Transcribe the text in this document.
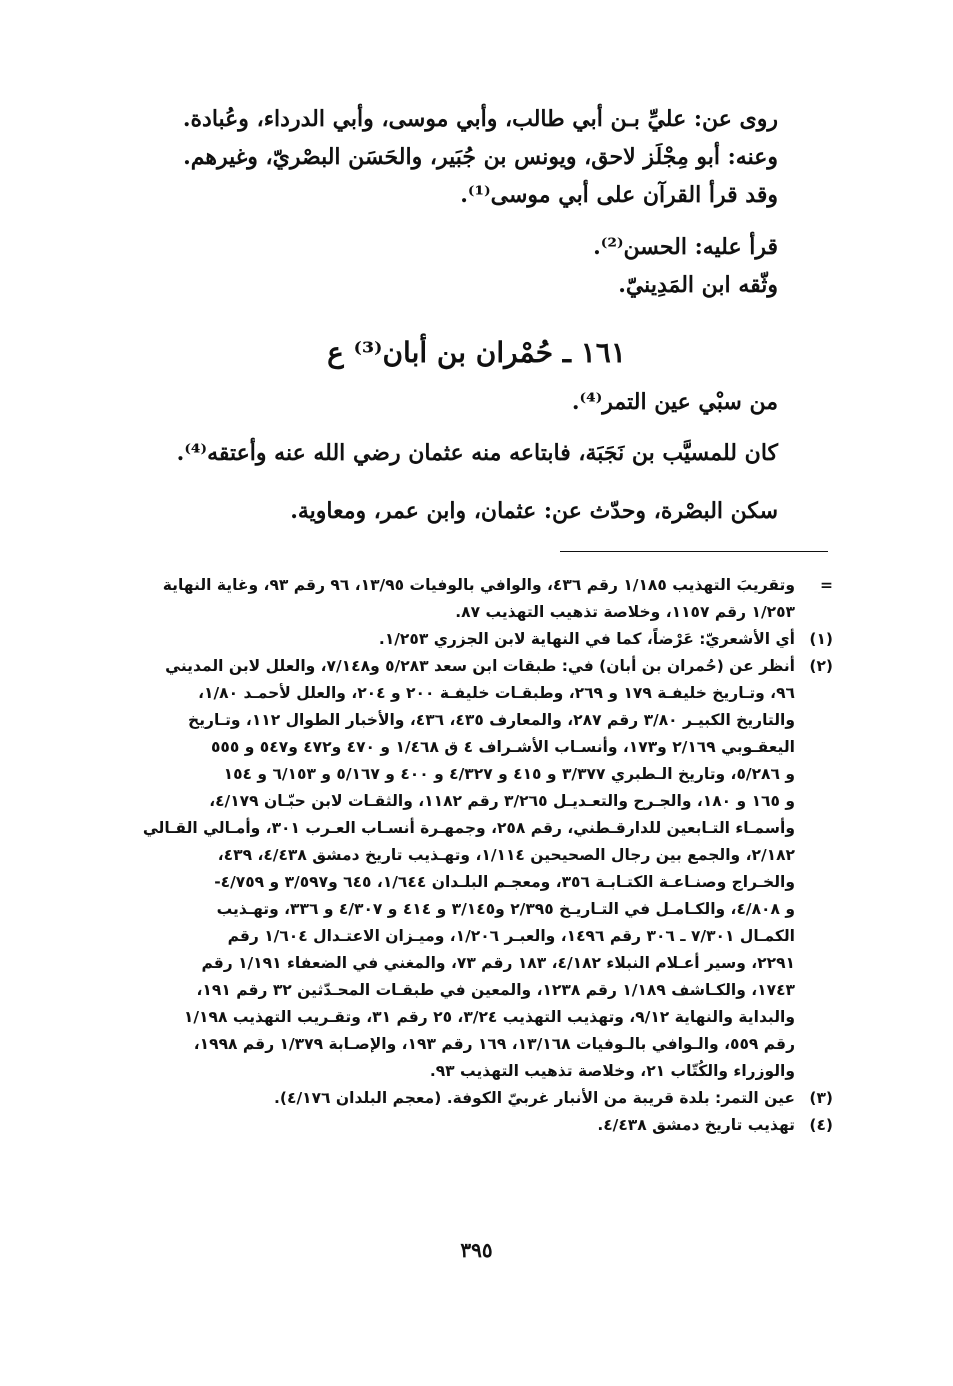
روى عن: عليِّ بـن أبي طالب، وأبي موسى، وأبي الدرداء، وعُبادة.
وعنه: أبو مِجْلَز لاحق، ويونس بن جُبَير، والحَسَن البصْريّ، وغيرهم.
وقد قرأ القرآن على أبي موسى⁽¹⁾.
قرأ عليه: الحسن⁽²⁾.
وثّقه ابن المَدِينيّ.
١٦١ ـ حُمْران بن أبان⁽³⁾ ع
من سبْي عين التمر⁽⁴⁾.
كان للمسيَّب بن نَجَبَة، فابتاعه منه عثمان رضي الله عنه وأعتقه⁽⁴⁾.
سكن البصْرة، وحدّث عن: عثمان، وابن عمر، ومعاوية.
=
وتقريبَ التهذيب ١/١٨٥ رقم ٤٣٦، والوافي بالوفيات ١٣/٩٥، ٩٦ رقم ٩٣، وغاية النهاية
١/٢٥٣ رقم ١١٥٧، وخلاصة تذهيب التهذيب ٨٧.
(١)
أي الأشعريّ: عَرْضاً، كما في النهاية لابن الجزري ١/٢٥٣.
(٢)
أنظر عن (حُمران بن أبان) في: طبقات ابن سعد ٥/٢٨٣ و٧/١٤٨، والعلل لابن المديني
٩٦، وتـاريخ خليفـة ١٧٩ و ٢٦٩، وطبقـات خليفـة ٢٠٠ و ٢٠٤، والعلل لأحمـد ١/٨٠،
والتاريخ الكبيـر ٣/٨٠ رقم ٢٨٧، والمعارف ٤٣٥، ٤٣٦، والأخبار الطوال ١١٢، وتـاريخ
اليعقـوبي ٢/١٦٩ و١٧٣، وأنسـاب الأشـراف ٤ ق ١/٤٦٨ و ٤٧٠ و٤٧٢ و٥٤٧ و ٥٥٥
و ٥/٢٨٦، وتاريخ الـطبري ٣/٣٧٧ و ٤١٥ و ٤/٣٢٧ و ٤٠٠ و ٥/١٦٧ و ٦/١٥٣ و ١٥٤
و ١٦٥ و ١٨٠، والجـرح والتعـديـل ٣/٢٦٥ رقم ١١٨٢، والثقـات لابن حبّـان ٤/١٧٩،
وأسمـاء التـابعين للدارقـطني، رقم ٢٥٨، وجمهـرة أنسـاب العـرب ٣٠١، وأمـالي القـالي
٢/١٨٢، والجمع بين رجال الصحيحين ١/١١٤، وتهـذيب تاريخ دمشق ٤/٤٣٨، ٤٣٩،
والخـراج وصنـاعـة الكتـابـة ٣٥٦، ومعجـم البلـدان ١/٦٤٤، ٦٤٥ و٣/٥٩٧ و ٤/٧٥٩-
و ٤/٨٠٨، والكـامـل في التـاريـخ ٢/٣٩٥ و٣/١٤٥ و ٤١٤ و ٤/٣٠٧ و ٣٣٦، وتهـذيب
الكمـال ٧/٣٠١ ـ ٣٠٦ رقم ١٤٩٦، والعبـر ١/٢٠٦، وميـزان الاعتـدال ١/٦٠٤ رقم
٢٢٩١، وسير أعـلام النبلاء ٤/١٨٢، ١٨٣ رقم ٧٣، والمغني في الضعفاء ١/١٩١ رقم
١٧٤٣، والكـاشف ١/١٨٩ رقم ١٢٣٨، والمعين في طبقـات المحـدّثين ٣٢ رقم ١٩١،
والبداية والنهاية ٩/١٢، وتهذيب التهذيب ٣/٢٤، ٢٥ رقم ٣١، وتقـريب التهذيب ١/١٩٨
رقم ٥٥٩، والـوافي بالـوفيات ١٣/١٦٨، ١٦٩ رقم ١٩٣، والإصـابة ١/٣٧٩ رقم ١٩٩٨،
والوزراء والكُتّاب ٢١، وخلاصة تذهيب التهذيب ٩٣.
(٣)
عين التمر: بلدة قريبة من الأنبار غربيّ الكوفة. (معجم البلدان ٤/١٧٦).
(٤)
تهذيب تاريخ دمشق ٤/٤٣٨.
٣٩٥
